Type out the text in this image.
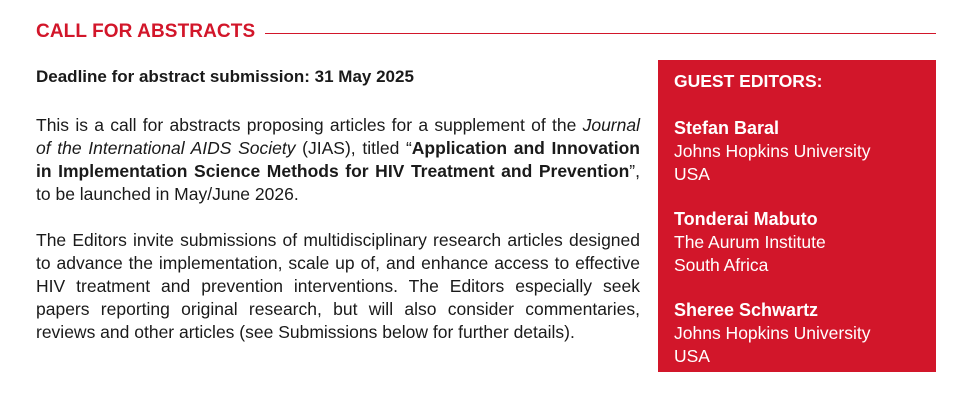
CALL FOR ABSTRACTS

Deadline for abstract submission: 31 May 2025

This is a call for abstracts proposing articles for a supplement of the Journal of the International AIDS Society (JIAS), titled “Application and Innovation in Implementation Science Methods for HIV Treatment and Prevention”, to be launched in May/June 2026.

The Editors invite submissions of multidisciplinary research articles designed to advance the implementation, scale up of, and enhance access to effective HIV treatment and prevention interventions. The Editors especially seek papers reporting original research, but will also consider commentaries, reviews and other articles (see Submissions below for further details).

GUEST EDITORS:
Stefan Baral
Johns Hopkins University
USA
Tonderai Mabuto
The Aurum Institute
South Africa
Sheree Schwartz
Johns Hopkins University
USA
